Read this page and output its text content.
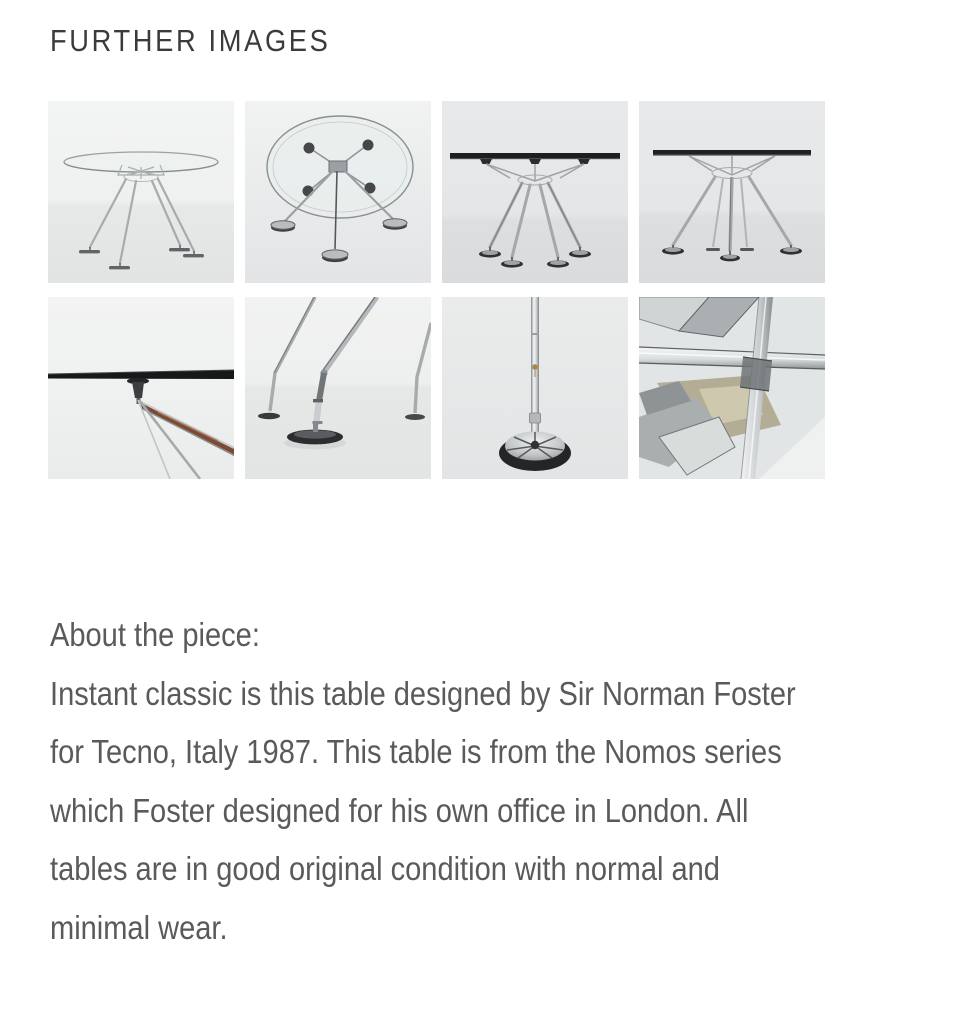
FURTHER IMAGES
About the piece:
Instant classic is this table designed by Sir Norman Foster
for Tecno, Italy 1987. This table is from the Nomos series
which Foster designed for his own office in London. All
tables are in good original condition with normal and
minimal wear.
